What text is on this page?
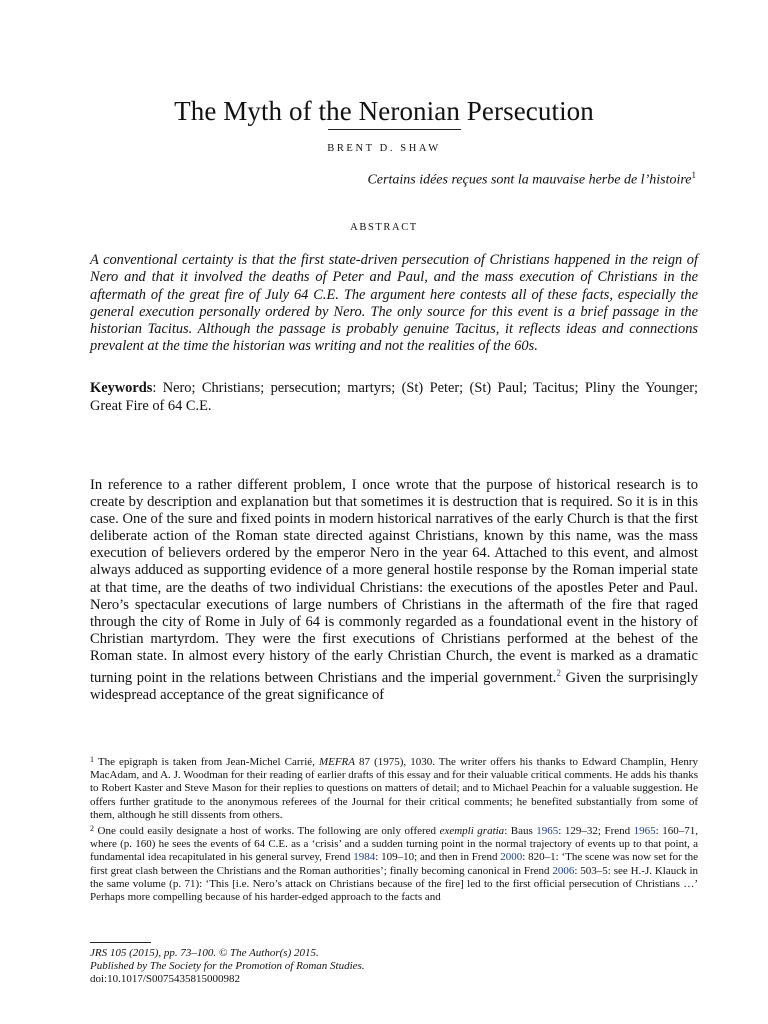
The Myth of the Neronian Persecution
BRENT D. SHAW
Certains idées reçues sont la mauvaise herbe de l’histoire$^1$
ABSTRACT

A conventional certainty is that the first state-driven persecution of Christians happened in the reign of Nero and that it involved the deaths of Peter and Paul, and the mass execution of Christians in the aftermath of the great fire of July 64 C.E. The argument here contests all of these facts, especially the general execution personally ordered by Nero. The only source for this event is a brief passage in the historian Tacitus. Although the passage is probably genuine Tacitus, it reflects ideas and connections prevalent at the time the historian was writing and not the realities of the 60s.

Keywords: Nero; Christians; persecution; martyrs; (St) Peter; (St) Paul; Tacitus; Pliny the Younger; Great Fire of 64 C.E.

In reference to a rather different problem, I once wrote that the purpose of historical research is to create by description and explanation but that sometimes it is destruction that is required. So it is in this case. One of the sure and fixed points in modern historical narratives of the early Church is that the first deliberate action of the Roman state directed against Christians, known by this name, was the mass execution of believers ordered by the emperor Nero in the year 64. Attached to this event, and almost always adduced as supporting evidence of a more general hostile response by the Roman imperial state at that time, are the deaths of two individual Christians: the executions of the apostles Peter and Paul. Nero’s spectacular executions of large numbers of Christians in the aftermath of the fire that raged through the city of Rome in July of 64 is commonly regarded as a foundational event in the history of Christian martyrdom. They were the first executions of Christians performed at the behest of the Roman state. In almost every history of the early Christian Church, the event is marked as a dramatic turning point in the relations between Christians and the imperial government.$^2$ Given the surprisingly widespread acceptance of the great significance of

$^1$ The epigraph is taken from Jean-Michel Carrié, MEFRA 87 (1975), 1030. The writer offers his thanks to Edward Champlin, Henry MacAdam, and A. J. Woodman for their reading of earlier drafts of this essay and for their valuable critical comments. He adds his thanks to Robert Kaster and Steve Mason for their replies to questions on matters of detail; and to Michael Peachin for a valuable suggestion. He offers further gratitude to the anonymous referees of the Journal for their critical comments; he benefited substantially from some of them, although he still dissents from others.

$^2$ One could easily designate a host of works. The following are only offered exempli gratia: Baus 1965: 129–32; Frend 1965: 160–71, where (p. 160) he sees the events of 64 C.E. as a ‘crisis’ and a sudden turning point in the normal trajectory of events up to that point, a fundamental idea recapitulated in his general survey, Frend 1984: 109–10; and then in Frend 2000: 820–1: ‘The scene was now set for the first great clash between the Christians and the Roman authorities’; finally becoming canonical in Frend 2006: 503–5: see H.-J. Klauck in the same volume (p. 71): ‘This [i.e. Nero’s attack on Christians because of the fire] led to the first official persecution of Christians …’ Perhaps more compelling because of his harder-edged approach to the facts and

JRS 105 (2015), pp. 73–100. © The Author(s) 2015.
Published by The Society for the Promotion of Roman Studies.
doi:10.1017/S0075435815000982
